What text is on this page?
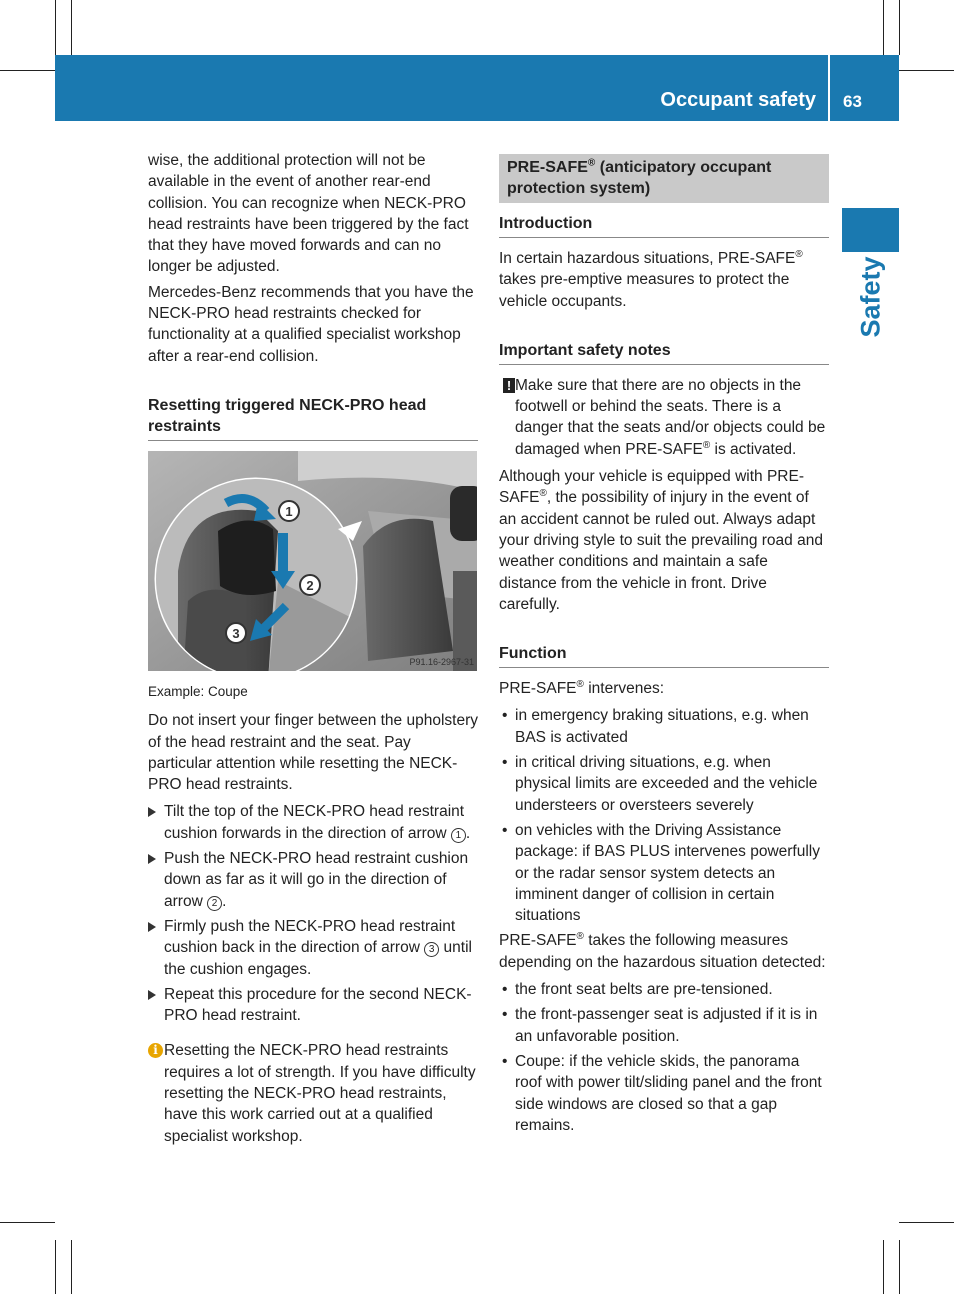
Occupant safety 63
Safety

wise, the additional protection will not be available in the event of another rear-end collision. You can recognize when NECK-PRO head restraints have been triggered by the fact that they have moved forwards and can no longer be adjusted.

Mercedes-Benz recommends that you have the NECK-PRO head restraints checked for functionality at a qualified specialist workshop after a rear-end collision.

Resetting triggered NECK-PRO head restraints
1
2
3
P91.16-2967-31
Example: Coupe

Do not insert your finger between the upholstery of the head restraint and the seat. Pay particular attention while resetting the NECK-PRO head restraints.

Tilt the top of the NECK-PRO head restraint cushion forwards in the direction of arrow 1 .
Push the NECK-PRO head restraint cushion down as far as it will go in the direction of arrow 2 .
Firmly push the NECK-PRO head restraint cushion back in the direction of arrow 3 until the cushion engages.
Repeat this procedure for the second NECK-PRO head restraint.
i Resetting the NECK-PRO head restraints requires a lot of strength. If you have difficulty resetting the NECK-PRO head restraints, have this work carried out at a qualified specialist workshop.
PRE-SAFE® (anticipatory occupant protection system)
Introduction

In certain hazardous situations, PRE-SAFE® takes pre-emptive measures to protect the vehicle occupants.

Important safety notes
! Make sure that there are no objects in the footwell or behind the seats. There is a danger that the seats and/or objects could be damaged when PRE-SAFE® is activated.

Although your vehicle is equipped with PRE-SAFE®, the possibility of injury in the event of an accident cannot be ruled out. Always adapt your driving style to suit the prevailing road and weather conditions and maintain a safe distance from the vehicle in front. Drive carefully.

Function

PRE-SAFE® intervenes:

• in emergency braking situations, e.g. when BAS is activated
• in critical driving situations, e.g. when physical limits are exceeded and the vehicle understeers or oversteers severely
• on vehicles with the Driving Assistance package: if BAS PLUS intervenes powerfully or the radar sensor system detects an imminent danger of collision in certain situations

PRE-SAFE® takes the following measures depending on the hazardous situation detected:

• the front seat belts are pre-tensioned.
• the front-passenger seat is adjusted if it is in an unfavorable position.
• Coupe: if the vehicle skids, the panorama roof with power tilt/sliding panel and the front side windows are closed so that a gap remains.
